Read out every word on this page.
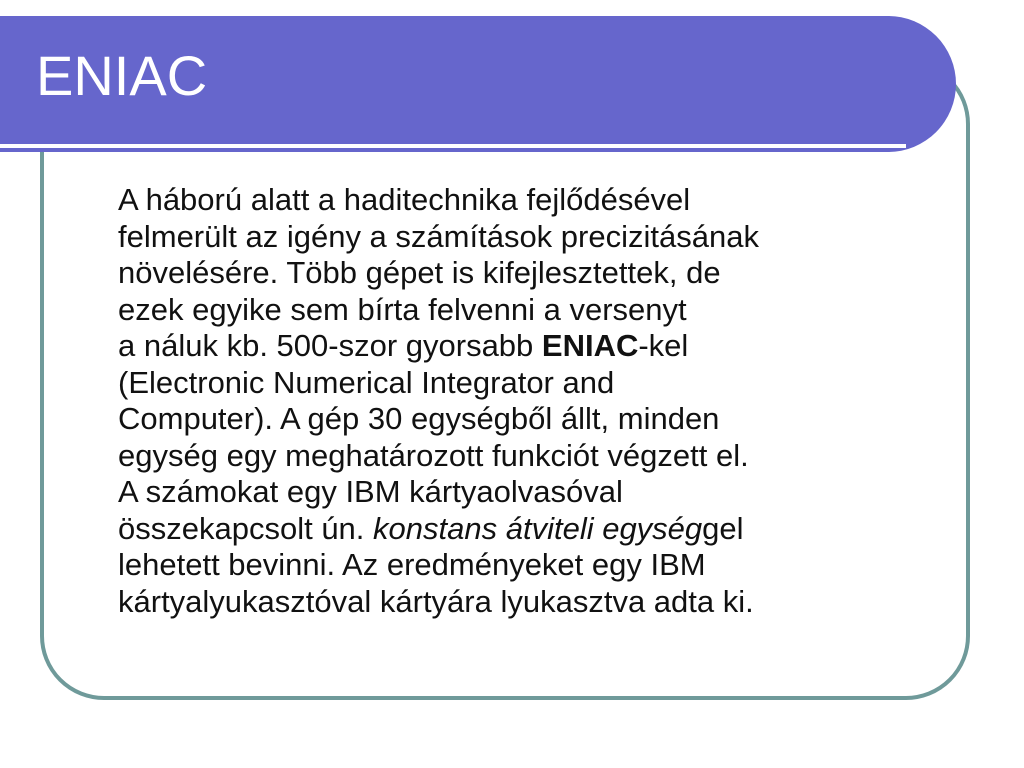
ENIAC

A háború alatt a haditechnika fejlődésével
felmerült az igény a számítások precizitásának
növelésére. Több gépet is kifejlesztettek, de
ezek egyike sem bírta felvenni a versenyt
a náluk kb. 500-szor gyorsabb ENIAC-kel
(Electronic Numerical Integrator and
Computer). A gép 30 egységből állt, minden
egység egy meghatározott funkciót végzett el.
A számokat egy IBM kártyaolvasóval
összekapcsolt ún. konstans átviteli egységgel
lehetett bevinni. Az eredményeket egy IBM
kártyalyukasztóval kártyára lyukasztva adta ki.
